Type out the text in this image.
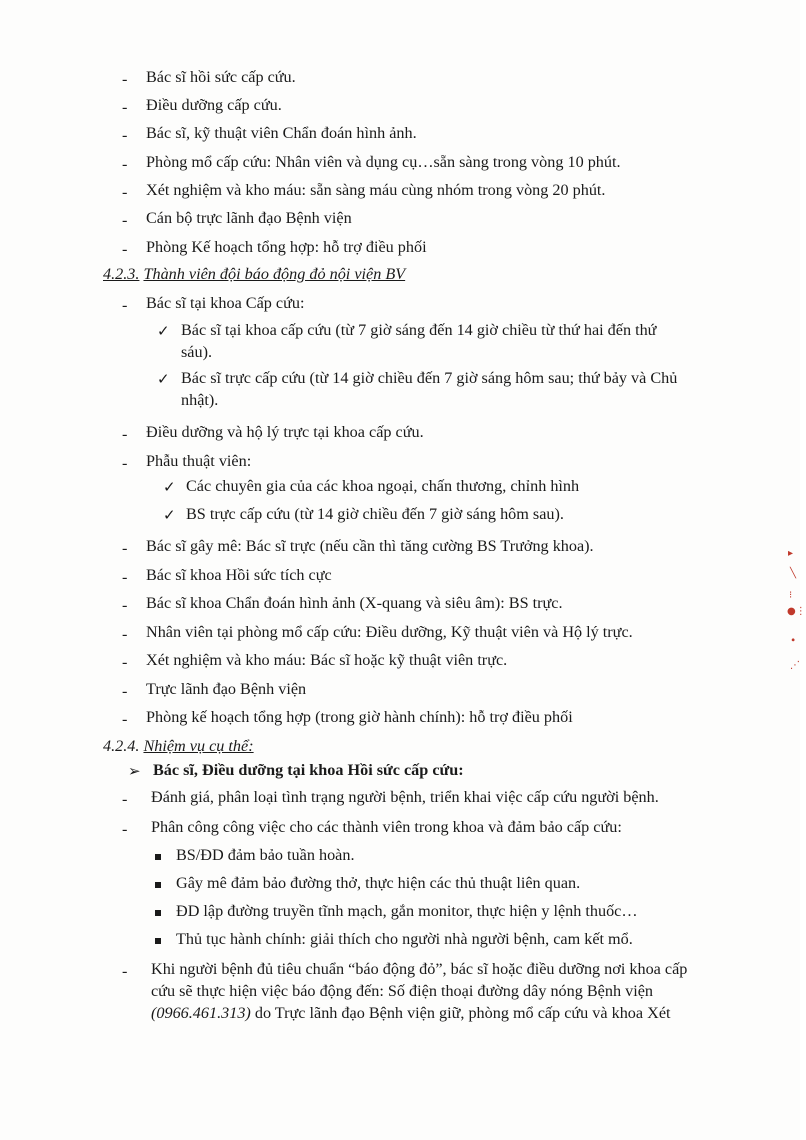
- Bác sĩ hồi sức cấp cứu.
- Điều dưỡng cấp cứu.
- Bác sĩ, kỹ thuật viên Chẩn đoán hình ảnh.
- Phòng mổ cấp cứu: Nhân viên và dụng cụ…sẵn sàng trong vòng 10 phút.
- Xét nghiệm và kho máu: sẵn sàng máu cùng nhóm trong vòng 20 phút.
- Cán bộ trực lãnh đạo Bệnh viện
- Phòng Kế hoạch tổng hợp: hỗ trợ điều phối
4.2.3. Thành viên đội báo động đỏ nội viện BV
- Bác sĩ tại khoa Cấp cứu:
✓ Bác sĩ tại khoa cấp cứu (từ 7 giờ sáng đến 14 giờ chiều từ thứ hai đến thứ
sáu).
✓ Bác sĩ trực cấp cứu (từ 14 giờ chiều đến 7 giờ sáng hôm sau; thứ bảy và Chủ
nhật).
- Điều dưỡng và hộ lý trực tại khoa cấp cứu.
- Phẫu thuật viên:
✓ Các chuyên gia của các khoa ngoại, chấn thương, chỉnh hình
✓ BS trực cấp cứu (từ 14 giờ chiều đến 7 giờ sáng hôm sau).
- Bác sĩ gây mê: Bác sĩ trực (nếu cần thì tăng cường BS Trưởng khoa).
- Bác sĩ khoa Hồi sức tích cực
- Bác sĩ khoa Chẩn đoán hình ảnh (X-quang và siêu âm): BS trực.
- Nhân viên tại phòng mổ cấp cứu: Điều dưỡng, Kỹ thuật viên và Hộ lý trực.
- Xét nghiệm và kho máu: Bác sĩ hoặc kỹ thuật viên trực.
- Trực lãnh đạo Bệnh viện
- Phòng kế hoạch tổng hợp (trong giờ hành chính): hỗ trợ điều phối
4.2.4. Nhiệm vụ cụ thể:
➢ Bác sĩ, Điều dưỡng tại khoa Hồi sức cấp cứu:
- Đánh giá, phân loại tình trạng người bệnh, triển khai việc cấp cứu người bệnh.
- Phân công công việc cho các thành viên trong khoa và đảm bảo cấp cứu:
BS/ĐD đảm bảo tuần hoàn.
Gây mê đảm bảo đường thở, thực hiện các thủ thuật liên quan.
ĐD lập đường truyền tĩnh mạch, gắn monitor, thực hiện y lệnh thuốc…
Thủ tục hành chính: giải thích cho người nhà người bệnh, cam kết mổ.
- Khi người bệnh đủ tiêu chuẩn “báo động đỏ”, bác sĩ hoặc điều dưỡng nơi khoa cấp
cứu sẽ thực hiện việc báo động đến: Số điện thoại đường dây nóng Bệnh viện
(0966.461.313) do Trực lãnh đạo Bệnh viện giữ, phòng mổ cấp cứu và khoa Xét
▸
╲
⁝
●⋮
∙
⋰
